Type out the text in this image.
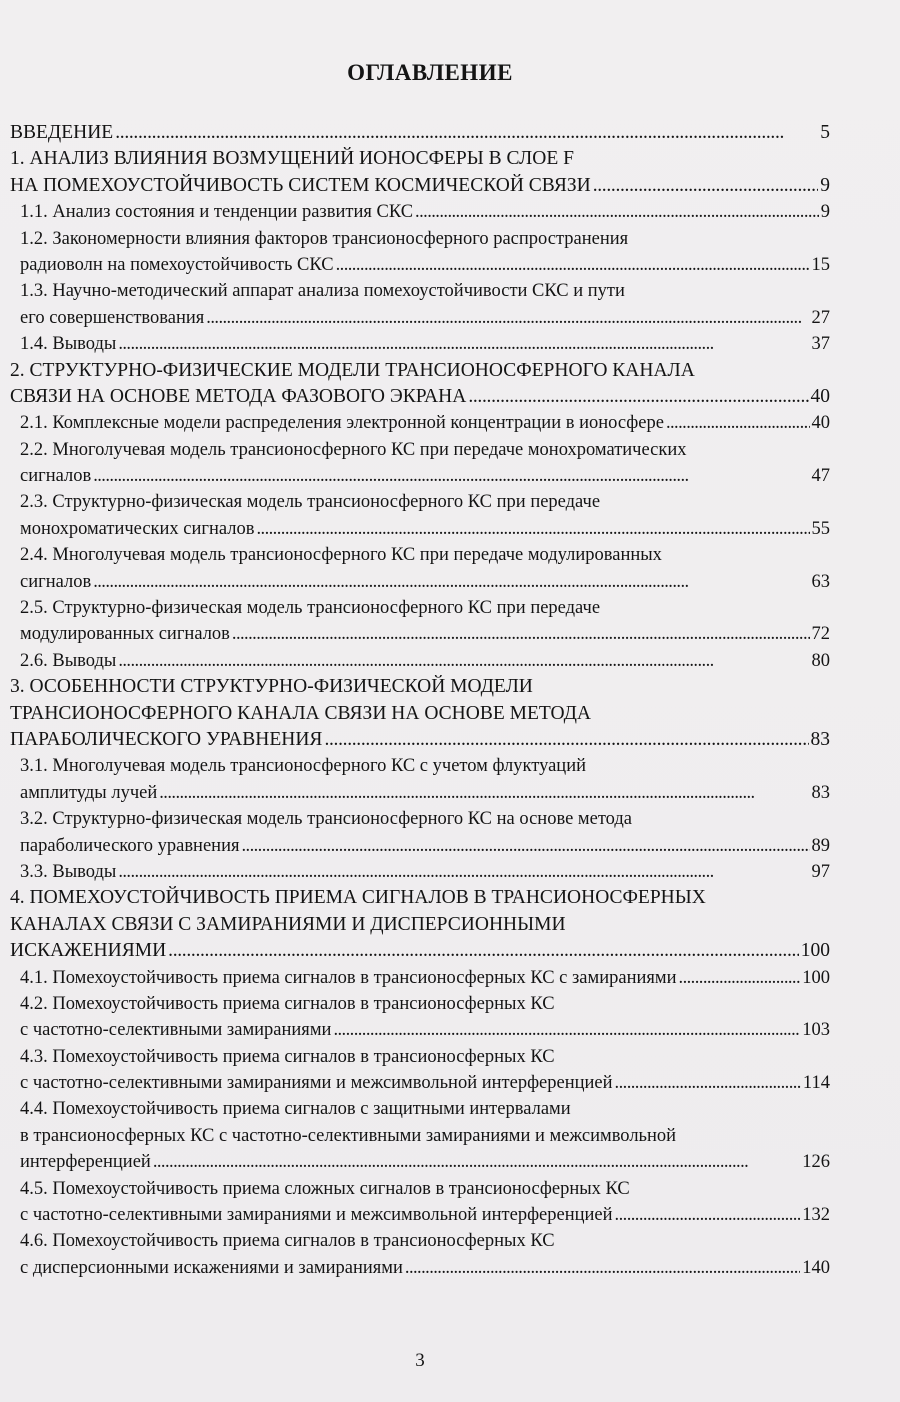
ОГЛАВЛЕНИЕ
ВВЕДЕНИЕ . . .	5
1. АНАЛИЗ ВЛИЯНИЯ ВОЗМУЩЕНИЙ ИОНОСФЕРЫ В СЛОЕ F
НА ПОМЕХОУСТОЙЧИВОСТЬ СИСТЕМ КОСМИЧЕСКОЙ СВЯЗИ . . .	9
1.1. Анализ состояния и тенденции развития СКС . . .	9
1.2. Закономерности влияния факторов трансионосферного распространения
радиоволн на помехоустойчивость СКС . . .	15
1.3. Научно-методический аппарат анализа помехоустойчивости СКС и пути
его совершенствования . . .	27
1.4. Выводы . . .	37
2. СТРУКТУРНО-ФИЗИЧЕСКИЕ МОДЕЛИ ТРАНСИОНОСФЕРНОГО КАНАЛА
СВЯЗИ НА ОСНОВЕ МЕТОДА ФАЗОВОГО ЭКРАНА . . .	40
2.1. Комплексные модели распределения электронной концентрации в ионосфере . . .	40
2.2. Многолучевая модель трансионосферного КС при передаче монохроматических
сигналов . . .	47
2.3. Структурно-физическая модель трансионосферного КС при передаче
монохроматических сигналов . . .	55
2.4. Многолучевая модель трансионосферного КС при передаче модулированных
сигналов . . .	63
2.5. Структурно-физическая модель трансионосферного КС при передаче
модулированных сигналов . . .	72
2.6. Выводы . . .	80
3. ОСОБЕННОСТИ СТРУКТУРНО-ФИЗИЧЕСКОЙ МОДЕЛИ
ТРАНСИОНОСФЕРНОГО КАНАЛА СВЯЗИ НА ОСНОВЕ МЕТОДА
ПАРАБОЛИЧЕСКОГО УРАВНЕНИЯ . . .	83
3.1. Многолучевая модель трансионосферного КС с учетом флуктуаций
амплитуды лучей . . .	83
3.2. Структурно-физическая модель трансионосферного КС на основе метода
параболического уравнения . . .	89
3.3. Выводы . . .	97
4. ПОМЕХОУСТОЙЧИВОСТЬ ПРИЕМА СИГНАЛОВ В ТРАНСИОНОСФЕРНЫХ
КАНАЛАХ СВЯЗИ С ЗАМИРАНИЯМИ И ДИСПЕРСИОННЫМИ
ИСКАЖЕНИЯМИ . . .	100
4.1. Помехоустойчивость приема сигналов в трансионосферных КС с замираниями . . .	100
4.2. Помехоустойчивость приема сигналов в трансионосферных КС
с частотно-селективными замираниями . . .	103
4.3. Помехоустойчивость приема сигналов в трансионосферных КС
с частотно-селективными замираниями и межсимвольной интерференцией . . .	114
4.4. Помехоустойчивость приема сигналов с защитными интервалами
в трансионосферных КС с частотно-селективными замираниями и межсимвольной
интерференцией . . .	126
4.5. Помехоустойчивость приема сложных сигналов в трансионосферных КС
с частотно-селективными замираниями и межсимвольной интерференцией . . .	132
4.6. Помехоустойчивость приема сигналов в трансионосферных КС
с дисперсионными искажениями и замираниями . . .	140
3
